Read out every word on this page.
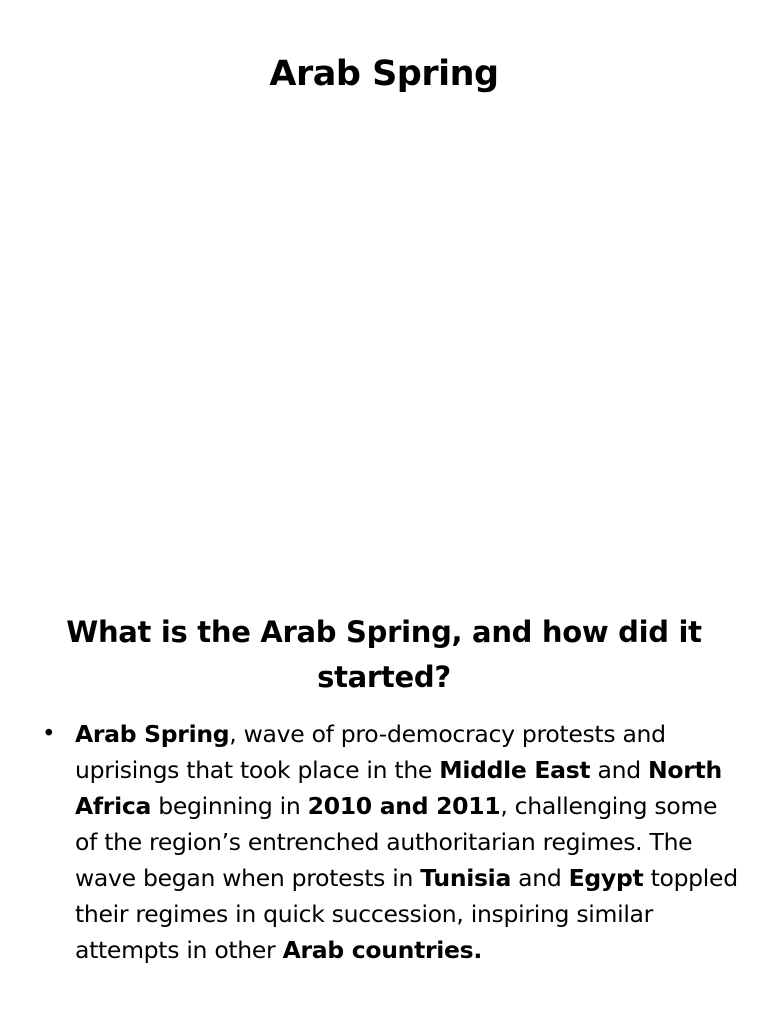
Arab Spring
What is the Arab Spring, and how did it started?
• Arab Spring, wave of pro-democracy protests and uprisings that took place in the Middle East and North Africa beginning in 2010 and 2011, challenging some of the region’s entrenched authoritarian regimes. The wave began when protests in Tunisia and Egypt toppled their regimes in quick succession, inspiring similar attempts in other Arab countries.
